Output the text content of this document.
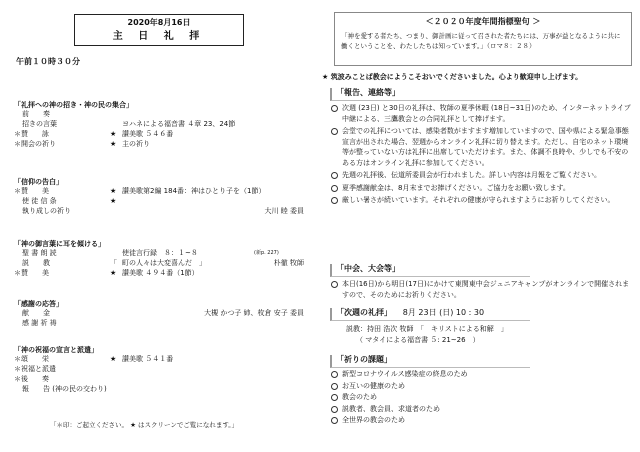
2020年8月16日
主 日 礼 拝
午前１０時３０分
「礼拝への神の招き・神の民の集合」
前　　奏
招きの言葉	ヨハネによる福音書 ４章 23、24節
＊賛　　詠	★ 讃美歌 ５４６番
＊開会の祈り	★ 主の祈り
「信仰の告白」
＊賛　　美	★ 讃美歌第2編 184番：神はひとり子を（1節）
使 徒 信 条	★
執り成しの祈り	大川 睦 委員
「神の御言葉に耳を傾ける」
聖 書 朗 読	使徒言行録　８：１~８	(新p. 227)
説　　教	「 町の人々は大変喜んだ　」	朴徹 牧師
＊賛　　美	★ 讃美歌 ４９４番（1節）
「感謝の応答」
献　　金	大槻 かつ子 姉、枚倉 安子 委員
感 謝 祈 祷
「神の祝福の宣言と派遣」
＊頌　　栄	★ 讃美歌 ５４１番
＊祝福と派遣
＊後　　奏
報　　告 (神の民の交わり)
「＊印：ご起立ください。 ★ はスクリーンでご覧になれます。」
＜２０２０年度年間指標聖句 ＞
「神を愛する者たち、つまり、御計画に従って召された者たちには、万事が益となるように共に働くということを、わたしたちは知っています。」（ロマ８：２８）
★ 筑波みことば教会にようこそおいでくださいました。心より歓迎申し上げます。
「報告、連絡等」
次週 (23日) と30日の礼拝は、牧師の夏季休暇 (18日~31日)のため、インターネットライブ中継による、三鷹教会との合同礼拝として捧げます。
会堂での礼拝については、感染者数がますます増加していますので、国や県による緊急事態宣言が出された場合、翌週からオンライン礼拝に切り替えます。ただし、自宅のネット環境等が整っていない方は礼拝に出席していただけます。また、体調不良時や、少しでも不安のある方はオンライン礼拝に参加してください。
先週の礼拝後、伝道所委員会が行われました。詳しい内容は月報をご覧ください。
夏季感謝献金は、8月末までお捧げください。ご協力をお願い致します。
厳しい暑さが続いています。それぞれの健康が守られますようにお祈りしてください。
「中会、大会等」
本日(16日)から明日(17日)にかけて東関東中会ジュニアキャンプがオンラインで開催されますので、そのためにお祈りください。
「次週の礼拝」 8月 23日 (日) 10 : 30
説教：持田 浩次 牧師　「　キリストによる和解　」
（ マタイによる福音書 ５: 21~26　）
「祈りの課題」
新型コロナウイルス感染症の終息のため
お互いの健康のため
教会のため
説教者、教会員、求道者のため
全世界の教会のため
